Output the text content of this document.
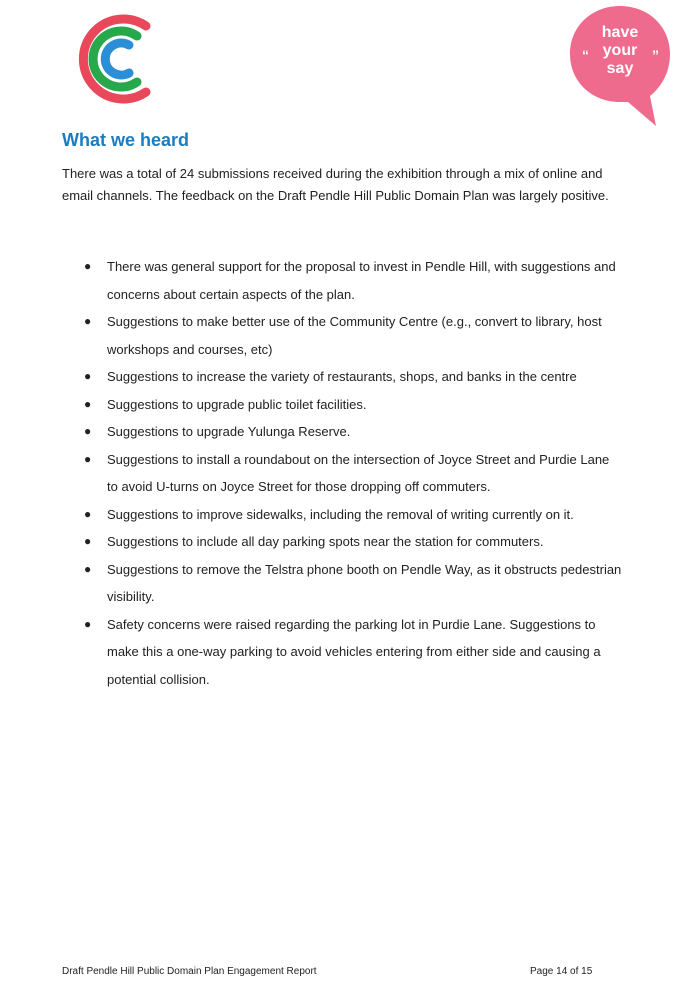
“	”
have
your
say
What we heard

There was a total of 24 submissions received during the exhibition through a mix of online and email channels. The feedback on the Draft Pendle Hill Public Domain Plan was largely positive.

● There was general support for the proposal to invest in Pendle Hill, with suggestions and concerns about certain aspects of the plan.
● Suggestions to make better use of the Community Centre (e.g., convert to library, host workshops and courses, etc)
● Suggestions to increase the variety of restaurants, shops, and banks in the centre
● Suggestions to upgrade public toilet facilities.
● Suggestions to upgrade Yulunga Reserve.
● Suggestions to install a roundabout on the intersection of Joyce Street and Purdie Lane to avoid U-turns on Joyce Street for those dropping off commuters.
● Suggestions to improve sidewalks, including the removal of writing currently on it.
● Suggestions to include all day parking spots near the station for commuters.
● Suggestions to remove the Telstra phone booth on Pendle Way, as it obstructs pedestrian visibility.
● Safety concerns were raised regarding the parking lot in Purdie Lane. Suggestions to make this a one-way parking to avoid vehicles entering from either side and causing a potential collision.
Draft Pendle Hill Public Domain Plan Engagement Report	Page 14 of 15
